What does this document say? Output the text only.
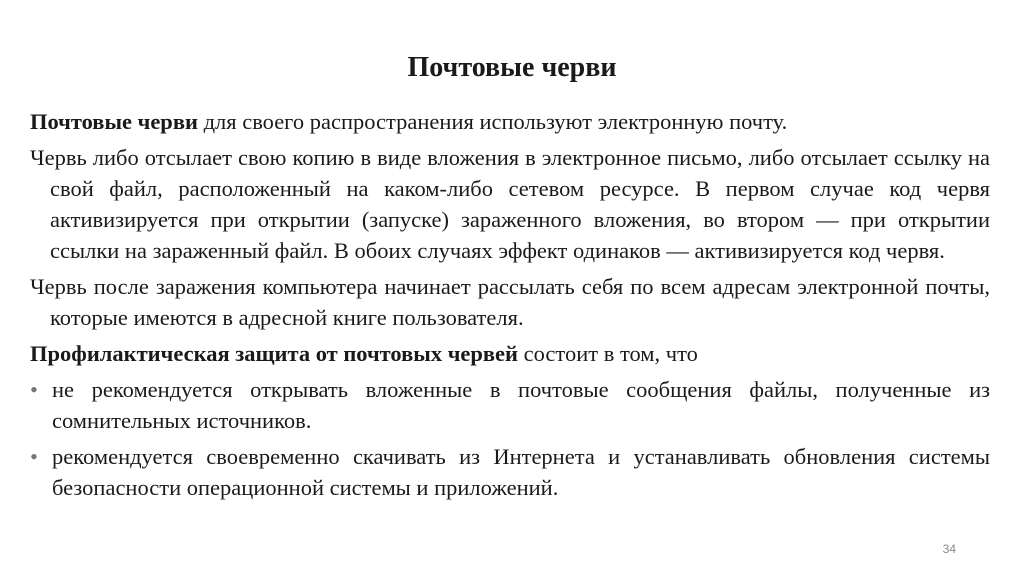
Почтовые черви

Почтовые черви для своего распространения используют электронную почту.

Червь либо отсылает свою копию в виде вложения в электронное письмо, либо отсылает ссылку на свой файл, расположенный на каком-либо сетевом ресурсе. В первом случае код червя активизируется при открытии (запуске) зараженного вложения, во втором — при открытии ссылки на зараженный файл. В обоих случаях эффект одинаков — активизируется код червя.

Червь после заражения компьютера начинает рассылать себя по всем адресам электронной почты, которые имеются в адресной книге пользователя.

Профилактическая защита от почтовых червей состоит в том, что

• не рекомендуется открывать вложенные в почтовые сообщения файлы, полученные из сомнительных источников.

• рекомендуется своевременно скачивать из Интернета и устанавливать обновления системы безопасности операционной системы и приложений.

34
